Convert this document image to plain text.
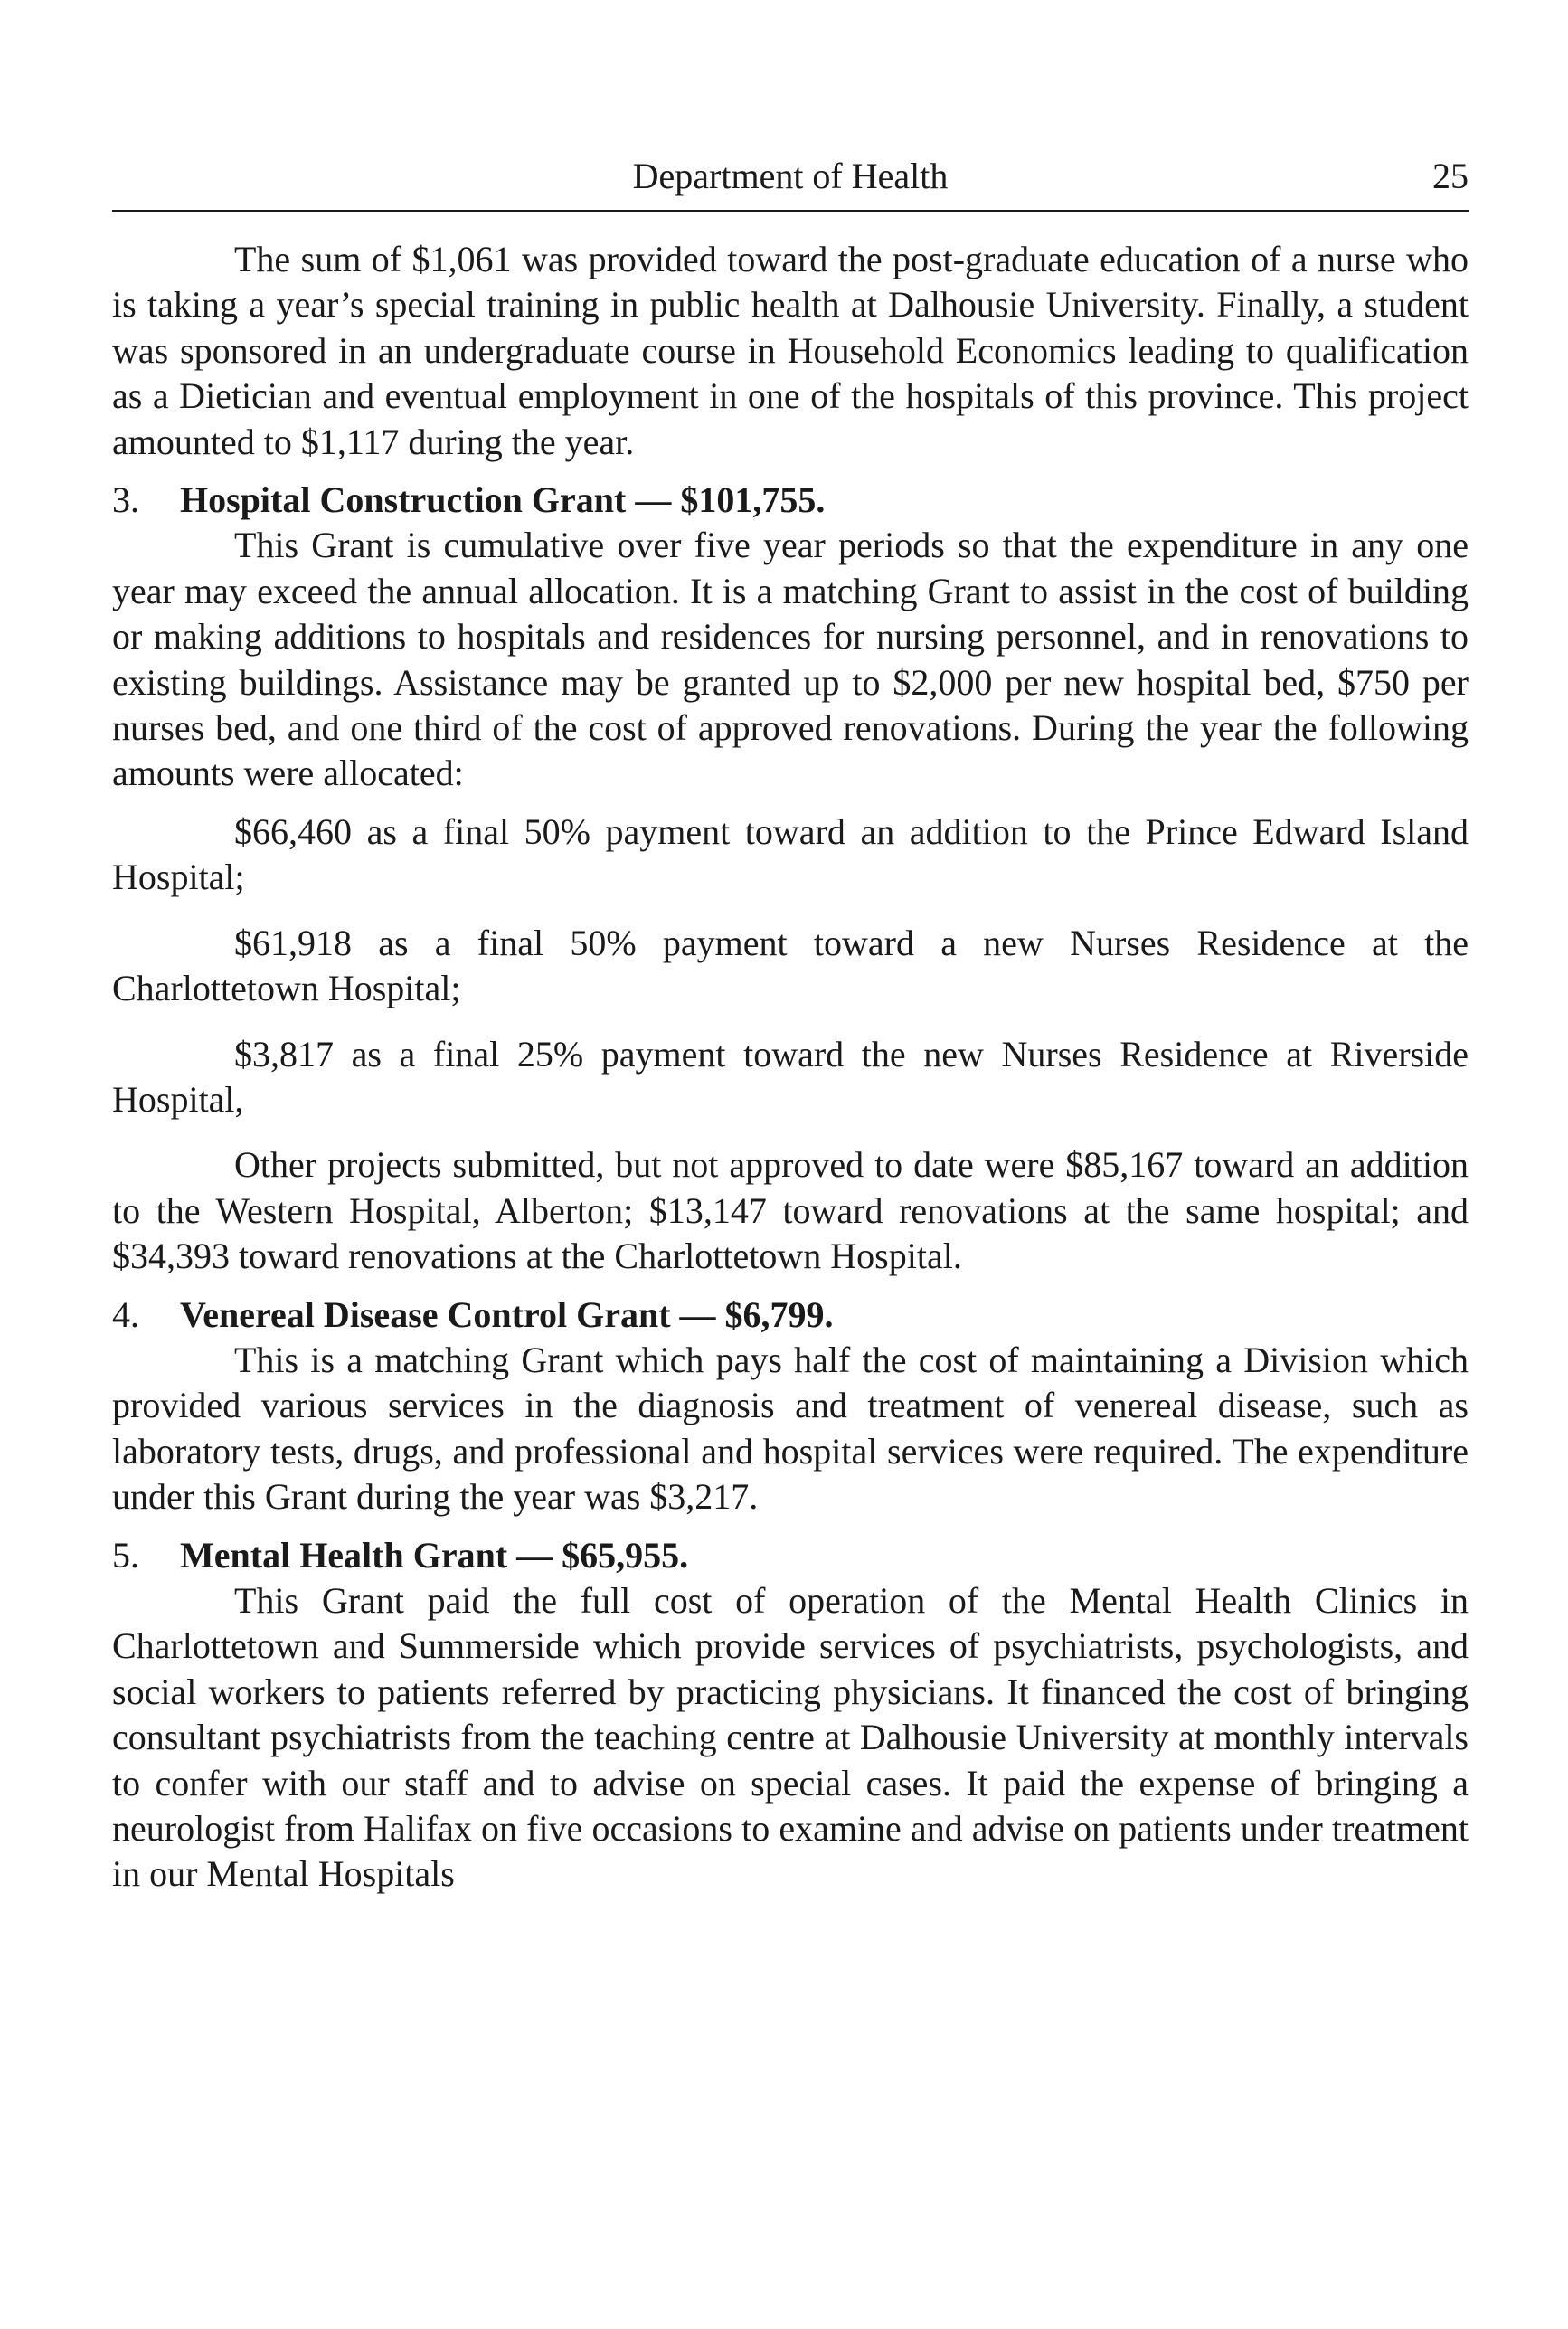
Department of Health	25

The sum of $1,061 was provided toward the post-graduate education of a nurse who is taking a year’s special training in public health at Dalhousie University. Finally, a student was sponsored in an undergraduate course in Household Economics leading to qualification as a Dietician and eventual employment in one of the hospitals of this province. This project amounted to $1,117 during the year.

3. Hospital Construction Grant — $101,755.

This Grant is cumulative over five year periods so that the expenditure in any one year may exceed the annual allocation. It is a matching Grant to assist in the cost of building or making additions to hospitals and residences for nursing personnel, and in renovations to existing buildings. Assistance may be granted up to $2,000 per new hospital bed, $750 per nurses bed, and one third of the cost of approved renovations. During the year the following amounts were allocated:

$66,460 as a final 50% payment toward an addition to the Prince Edward Island Hospital;

$61,918 as a final 50% payment toward a new Nurses Residence at the Charlottetown Hospital;

$3,817 as a final 25% payment toward the new Nurses Residence at Riverside Hospital,

Other projects submitted, but not approved to date were $85,167 toward an addition to the Western Hospital, Alberton; $13,147 toward renovations at the same hospital; and $34,393 toward renovations at the Charlottetown Hospital.

4. Venereal Disease Control Grant — $6,799.

This is a matching Grant which pays half the cost of maintaining a Division which provided various services in the diagnosis and treatment of venereal disease, such as laboratory tests, drugs, and professional and hospital services were required. The expenditure under this Grant during the year was $3,217.

5. Mental Health Grant — $65,955.

This Grant paid the full cost of operation of the Mental Health Clinics in Charlottetown and Summerside which provide services of psychiatrists, psychologists, and social workers to patients referred by practicing physicians. It financed the cost of bringing consultant psychiatrists from the teaching centre at Dalhousie University at monthly intervals to confer with our staff and to advise on special cases. It paid the expense of bringing a neurologist from Halifax on five occasions to examine and advise on patients under treatment in our Mental Hospitals
